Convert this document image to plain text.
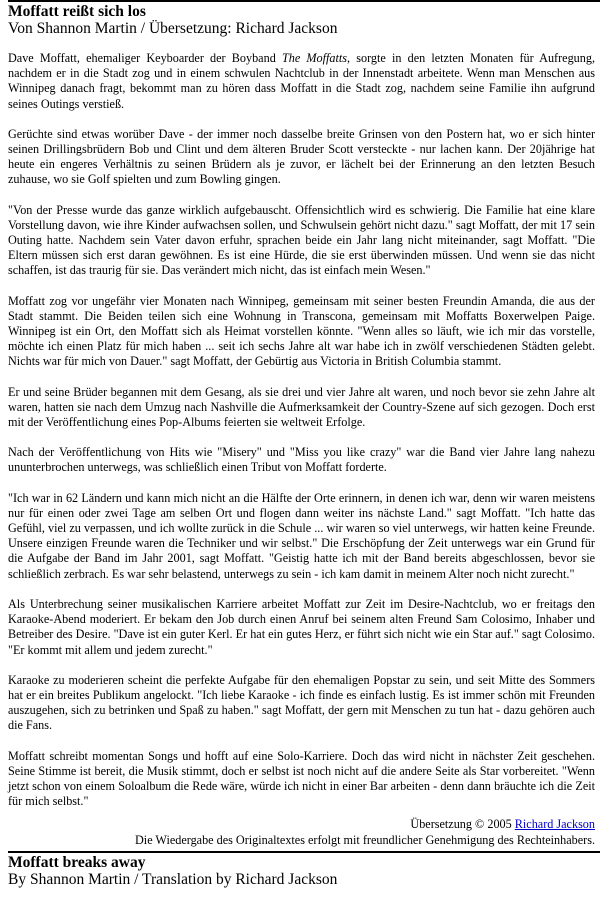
Moffatt reißt sich los
Von Shannon Martin / Übersetzung: Richard Jackson

Dave Moffatt, ehemaliger Keyboarder der Boyband The Moffatts, sorgte in den letzten Monaten für Aufregung, nachdem er in die Stadt zog und in einem schwulen Nachtclub in der Innenstadt arbeitete. Wenn man Menschen aus Winnipeg danach fragt, bekommt man zu hören dass Moffatt in die Stadt zog, nachdem seine Familie ihn aufgrund seines Outings verstieß.

Gerüchte sind etwas worüber Dave - der immer noch dasselbe breite Grinsen von den Postern hat, wo er sich hinter seinen Drillingsbrüdern Bob und Clint und dem älteren Bruder Scott versteckte - nur lachen kann. Der 20jährige hat heute ein engeres Verhältnis zu seinen Brüdern als je zuvor, er lächelt bei der Erinnerung an den letzten Besuch zuhause, wo sie Golf spielten und zum Bowling gingen.

"Von der Presse wurde das ganze wirklich aufgebauscht. Offensichtlich wird es schwierig. Die Familie hat eine klare Vorstellung davon, wie ihre Kinder aufwachsen sollen, und Schwulsein gehört nicht dazu." sagt Moffatt, der mit 17 sein Outing hatte. Nachdem sein Vater davon erfuhr, sprachen beide ein Jahr lang nicht miteinander, sagt Moffatt. "Die Eltern müssen sich erst daran gewöhnen. Es ist eine Hürde, die sie erst überwinden müssen. Und wenn sie das nicht schaffen, ist das traurig für sie. Das verändert mich nicht, das ist einfach mein Wesen."

Moffatt zog vor ungefähr vier Monaten nach Winnipeg, gemeinsam mit seiner besten Freundin Amanda, die aus der Stadt stammt. Die Beiden teilen sich eine Wohnung in Transcona, gemeinsam mit Moffatts Boxerwelpen Paige. Winnipeg ist ein Ort, den Moffatt sich als Heimat vorstellen könnte. "Wenn alles so läuft, wie ich mir das vorstelle, möchte ich einen Platz für mich haben ... seit ich sechs Jahre alt war habe ich in zwölf verschiedenen Städten gelebt. Nichts war für mich von Dauer." sagt Moffatt, der Gebürtig aus Victoria in British Columbia stammt.

Er und seine Brüder begannen mit dem Gesang, als sie drei und vier Jahre alt waren, und noch bevor sie zehn Jahre alt waren, hatten sie nach dem Umzug nach Nashville die Aufmerksamkeit der Country-Szene auf sich gezogen. Doch erst mit der Veröffentlichung eines Pop-Albums feierten sie weltweit Erfolge.

Nach der Veröffentlichung von Hits wie "Misery" und "Miss you like crazy" war die Band vier Jahre lang nahezu ununterbrochen unterwegs, was schließlich einen Tribut von Moffatt forderte.

"Ich war in 62 Ländern und kann mich nicht an die Hälfte der Orte erinnern, in denen ich war, denn wir waren meistens nur für einen oder zwei Tage am selben Ort und flogen dann weiter ins nächste Land." sagt Moffatt. "Ich hatte das Gefühl, viel zu verpassen, und ich wollte zurück in die Schule ... wir waren so viel unterwegs, wir hatten keine Freunde. Unsere einzigen Freunde waren die Techniker und wir selbst." Die Erschöpfung der Zeit unterwegs war ein Grund für die Aufgabe der Band im Jahr 2001, sagt Moffatt. "Geistig hatte ich mit der Band bereits abgeschlossen, bevor sie schließlich zerbrach. Es war sehr belastend, unterwegs zu sein - ich kam damit in meinem Alter noch nicht zurecht."

Als Unterbrechung seiner musikalischen Karriere arbeitet Moffatt zur Zeit im Desire-Nachtclub, wo er freitags den Karaoke-Abend moderiert. Er bekam den Job durch einen Anruf bei seinem alten Freund Sam Colosimo, Inhaber und Betreiber des Desire. "Dave ist ein guter Kerl. Er hat ein gutes Herz, er führt sich nicht wie ein Star auf." sagt Colosimo. "Er kommt mit allem und jedem zurecht."

Karaoke zu moderieren scheint die perfekte Aufgabe für den ehemaligen Popstar zu sein, und seit Mitte des Sommers hat er ein breites Publikum angelockt. "Ich liebe Karaoke - ich finde es einfach lustig. Es ist immer schön mit Freunden auszugehen, sich zu betrinken und Spaß zu haben." sagt Moffatt, der gern mit Menschen zu tun hat - dazu gehören auch die Fans.

Moffatt schreibt momentan Songs und hofft auf eine Solo-Karriere. Doch das wird nicht in nächster Zeit geschehen. Seine Stimme ist bereit, die Musik stimmt, doch er selbst ist noch nicht auf die andere Seite als Star vorbereitet. "Wenn jetzt schon von einem Soloalbum die Rede wäre, würde ich nicht in einer Bar arbeiten - denn dann bräuchte ich die Zeit für mich selbst."

Übersetzung © 2005 Richard Jackson
Die Wiedergabe des Originaltextes erfolgt mit freundlicher Genehmigung des Rechteinhabers.
Moffatt breaks away
By Shannon Martin / Translation by Richard Jackson
